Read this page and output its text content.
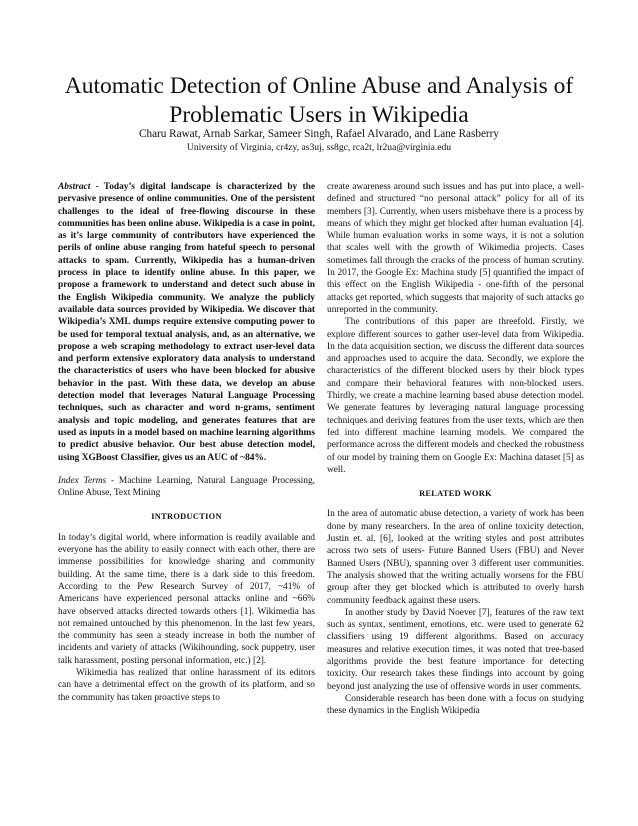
Automatic Detection of Online Abuse and Analysis of Problematic Users in Wikipedia
Charu Rawat, Arnab Sarkar, Sameer Singh, Rafael Alvarado, and Lane Rasberry
University of Virginia, cr4zy, as3uj, ss8gc, rca2t, lr2ua@virginia.edu

Abstract - Today’s digital landscape is characterized by the pervasive presence of online communities. One of the persistent challenges to the ideal of free-flowing discourse in these communities has been online abuse. Wikipedia is a case in point, as it’s large community of contributors have experienced the perils of online abuse ranging from hateful speech to personal attacks to spam. Currently, Wikipedia has a human-driven process in place to identify online abuse. In this paper, we propose a framework to understand and detect such abuse in the English Wikipedia community. We analyze the publicly available data sources provided by Wikipedia. We discover that Wikipedia’s XML dumps require extensive computing power to be used for temporal textual analysis, and, as an alternative, we propose a web scraping methodology to extract user-level data and perform extensive exploratory data analysis to understand the characteristics of users who have been blocked for abusive behavior in the past. With these data, we develop an abuse detection model that leverages Natural Language Processing techniques, such as character and word n-grams, sentiment analysis and topic modeling, and generates features that are used as inputs in a model based on machine learning algorithms to predict abusive behavior. Our best abuse detection model, using XGBoost Classifier, gives us an AUC of ~84%.

Index Terms - Machine Learning, Natural Language Processing, Online Abuse, Text Mining

INTRODUCTION

In today’s digital world, where information is readily available and everyone has the ability to easily connect with each other, there are immense possibilities for knowledge sharing and community building. At the same time, there is a dark side to this freedom. According to the Pew Research Survey of 2017, ~41% of Americans have experienced personal attacks online and ~66% have observed attacks directed towards others [1]. Wikimedia has not remained untouched by this phenomenon. In the last few years, the community has seen a steady increase in both the number of incidents and variety of attacks (Wikihounding, sock puppetry, user talk harassment, posting personal information, etc.) [2].

Wikimedia has realized that online harassment of its editors can have a detrimental effect on the growth of its platform, and so the community has taken proactive steps to

create awareness around such issues and has put into place, a well-defined and structured “no personal attack” policy for all of its members [3]. Currently, when users misbehave there is a process by means of which they might get blocked after human evaluation [4]. While human evaluation works in some ways, it is not a solution that scales well with the growth of Wikimedia projects. Cases sometimes fall through the cracks of the process of human scrutiny. In 2017, the Google Ex: Machina study [5] quantified the impact of this effect on the English Wikipedia - one-fifth of the personal attacks get reported, which suggests that majority of such attacks go unreported in the community.

The contributions of this paper are threefold. Firstly, we explore different sources to gather user-level data from Wikipedia. In the data acquisition section, we discuss the different data sources and approaches used to acquire the data. Secondly, we explore the characteristics of the different blocked users by their block types and compare their behavioral features with non-blocked users. Thirdly, we create a machine learning based abuse detection model. We generate features by leveraging natural language processing techniques and deriving features from the user texts, which are then fed into different machine learning models. We compared the performance across the different models and checked the robustness of our model by training them on Google Ex: Machina dataset [5] as well.

RELATED WORK

In the area of automatic abuse detection, a variety of work has been done by many researchers. In the area of online toxicity detection, Justin et. al. [6], looked at the writing styles and post attributes across two sets of users- Future Banned Users (FBU) and Never Banned Users (NBU), spanning over 3 different user communities. The analysis showed that the writing actually worsens for the FBU group after they get blocked which is attributed to overly harsh community feedback against these users.

In another study by David Noever [7], features of the raw text such as syntax, sentiment, emotions, etc. were used to generate 62 classifiers using 19 different algorithms. Based on accuracy measures and relative execution times, it was noted that tree-based algorithms provide the best feature importance for detecting toxicity. Our research takes these findings into account by going beyond just analyzing the use of offensive words in user comments.

Considerable research has been done with a focus on studying these dynamics in the English Wikipedia
